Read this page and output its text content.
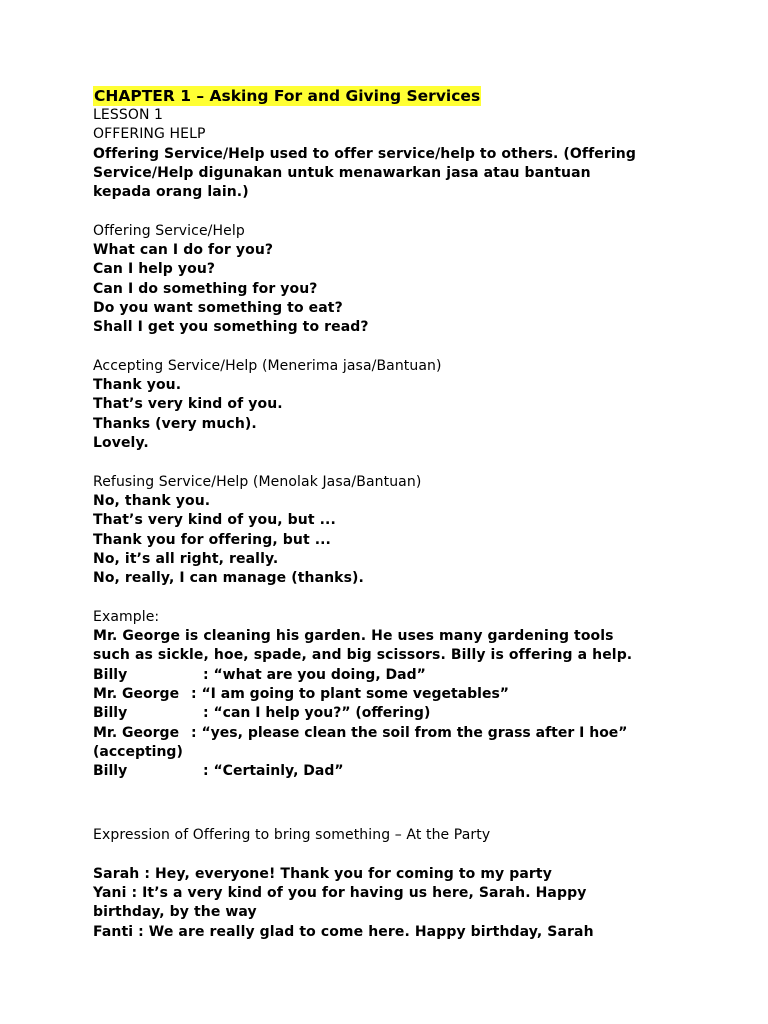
CHAPTER 1 – Asking For and Giving Services
LESSON 1
OFFERING HELP
Offering Service/Help used to offer service/help to others. (Offering
Service/Help digunakan untuk menawarkan jasa atau bantuan
kepada orang lain.)
Offering Service/Help
What can I do for you?
Can I help you?
Can I do something for you?
Do you want something to eat?
Shall I get you something to read?
Accepting Service/Help (Menerima jasa/Bantuan)
Thank you.
That’s very kind of you.
Thanks (very much).
Lovely.
Refusing Service/Help (Menolak Jasa/Bantuan)
No, thank you.
That’s very kind of you, but ...
Thank you for offering, but ...
No, it’s all right, really.
No, really, I can manage (thanks).
Example:
Mr. George is cleaning his garden. He uses many gardening tools
such as sickle, hoe, spade, and big scissors. Billy is offering a help.
Billy	: “what are you doing, Dad”
Mr. George : “I am going to plant some vegetables”
Billy	: “can I help you?” (offering)
Mr. George : “yes, please clean the soil from the grass after I hoe”
(accepting)
Billy	: “Certainly, Dad”
Expression of Offering to bring something – At the Party
Sarah : Hey, everyone! Thank you for coming to my party
Yani : It’s a very kind of you for having us here, Sarah. Happy
birthday, by the way
Fanti : We are really glad to come here. Happy birthday, Sarah
